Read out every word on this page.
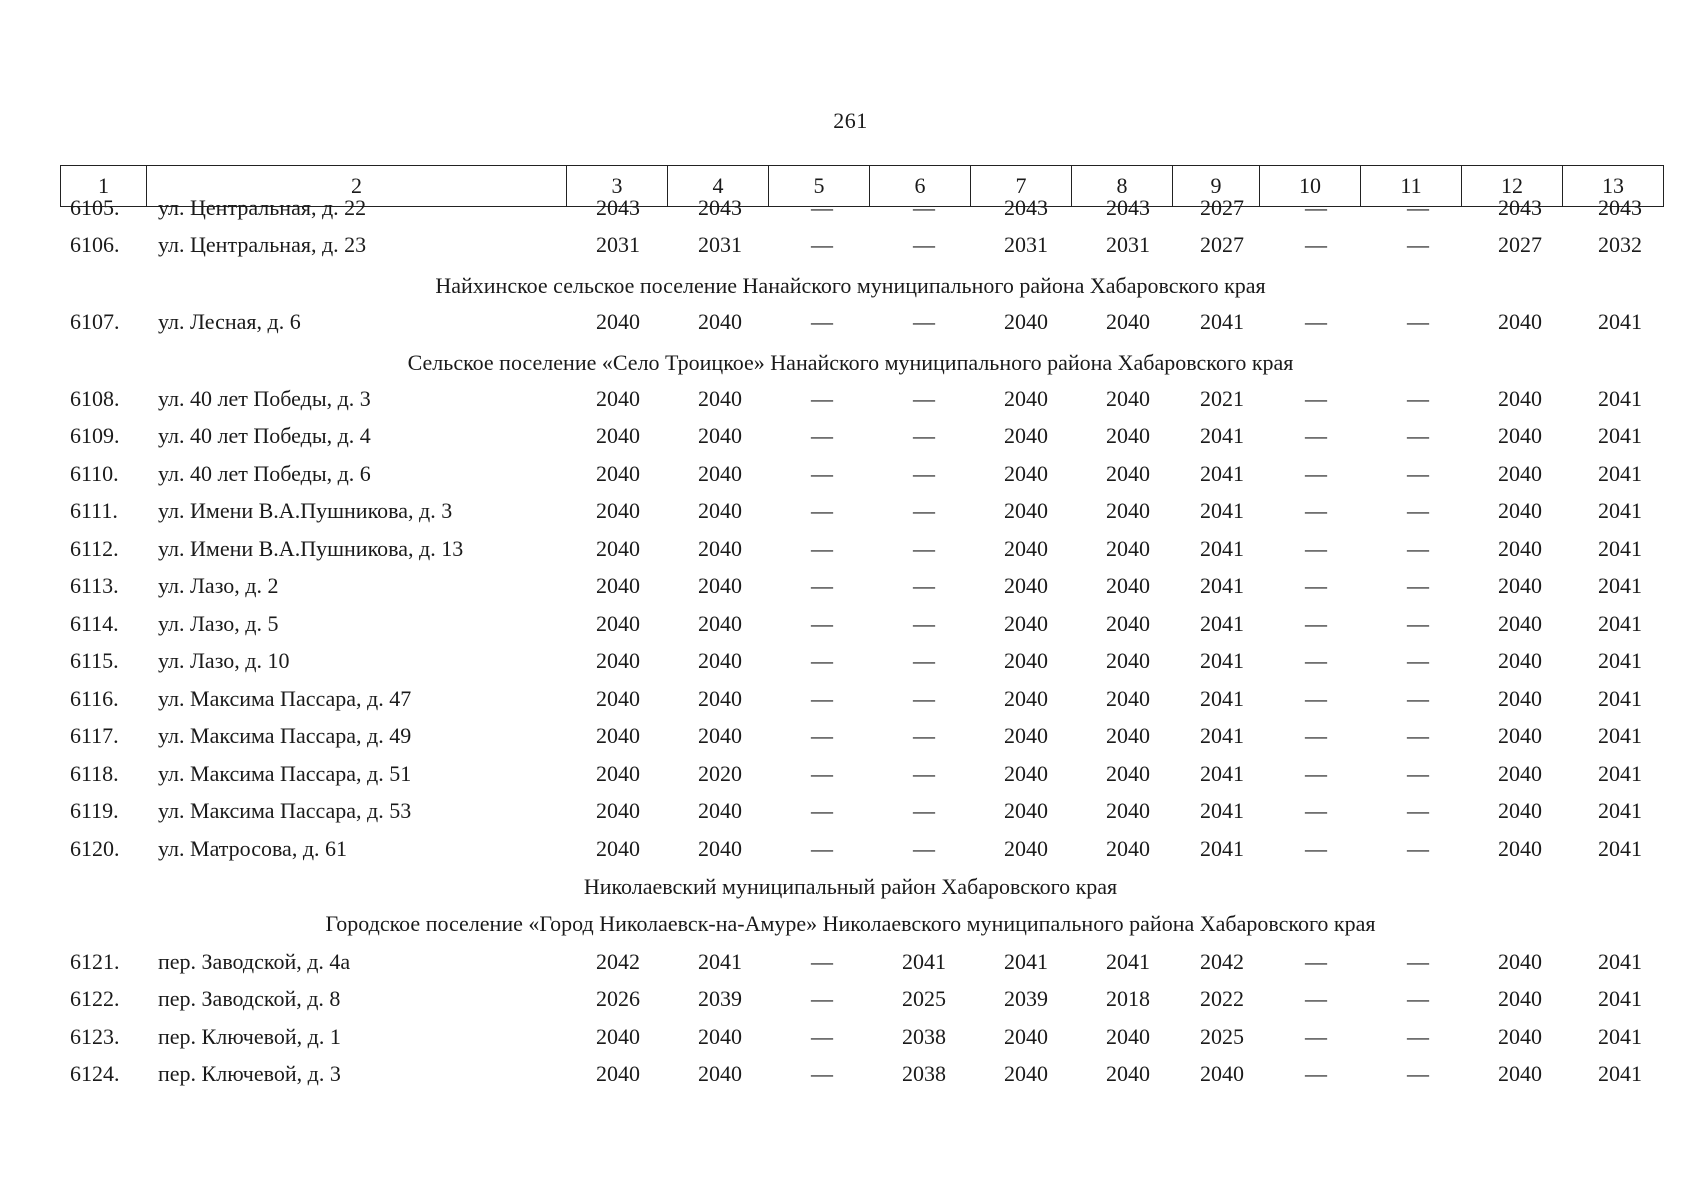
261
1	2	3	4	5	6	7	8	9	10	11	12	13
6105.	ул. Центральная, д. 22	2043	2043	—	—	2043	2043	2027	—	—	2043	2043
6106.	ул. Центральная, д. 23	2031	2031	—	—	2031	2031	2027	—	—	2027	2032
6107.	ул. Лесная, д. 6	2040	2040	—	—	2040	2040	2041	—	—	2040	2041
6108.	ул. 40 лет Победы, д. 3	2040	2040	—	—	2040	2040	2021	—	—	2040	2041
6109.	ул. 40 лет Победы, д. 4	2040	2040	—	—	2040	2040	2041	—	—	2040	2041
6110.	ул. 40 лет Победы, д. 6	2040	2040	—	—	2040	2040	2041	—	—	2040	2041
6111.	ул. Имени В.А.Пушникова, д. 3	2040	2040	—	—	2040	2040	2041	—	—	2040	2041
6112.	ул. Имени В.А.Пушникова, д. 13	2040	2040	—	—	2040	2040	2041	—	—	2040	2041
6113.	ул. Лазо, д. 2	2040	2040	—	—	2040	2040	2041	—	—	2040	2041
6114.	ул. Лазо, д. 5	2040	2040	—	—	2040	2040	2041	—	—	2040	2041
6115.	ул. Лазо, д. 10	2040	2040	—	—	2040	2040	2041	—	—	2040	2041
6116.	ул. Максима Пассара, д. 47	2040	2040	—	—	2040	2040	2041	—	—	2040	2041
6117.	ул. Максима Пассара, д. 49	2040	2040	—	—	2040	2040	2041	—	—	2040	2041
6118.	ул. Максима Пассара, д. 51	2040	2020	—	—	2040	2040	2041	—	—	2040	2041
6119.	ул. Максима Пассара, д. 53	2040	2040	—	—	2040	2040	2041	—	—	2040	2041
6120.	ул. Матросова, д. 61	2040	2040	—	—	2040	2040	2041	—	—	2040	2041
6121.	пер. Заводской, д. 4а	2042	2041	—	2041	2041	2041	2042	—	—	2040	2041
6122.	пер. Заводской, д. 8	2026	2039	—	2025	2039	2018	2022	—	—	2040	2041
6123.	пер. Ключевой, д. 1	2040	2040	—	2038	2040	2040	2025	—	—	2040	2041
6124.	пер. Ключевой, д. 3	2040	2040	—	2038	2040	2040	2040	—	—	2040	2041
Найхинское сельское поселение Нанайского муниципального района Хабаровского края
Сельское поселение «Село Троицкое» Нанайского муниципального района Хабаровского края
Николаевский муниципальный район Хабаровского края
Городское поселение «Город Николаевск-на-Амуре» Николаевского муниципального района Хабаровского края
